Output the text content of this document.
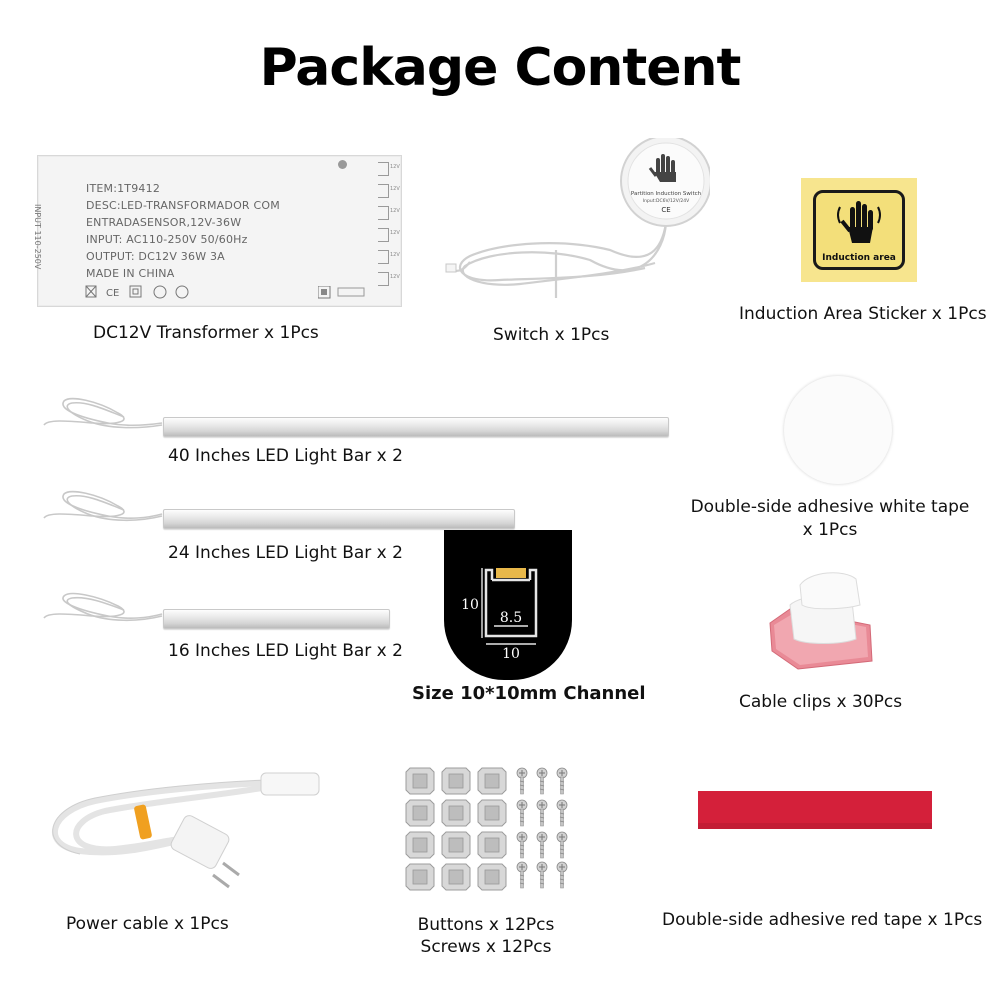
Package Content
ITEM:1T9412
DESC:LED-TRANSFORMADOR COM
ENTRADASENSOR,12V-36W
INPUT: AC110-250V 50/60Hz
OUTPUT: DC12V 36W 3A
MADE IN CHINA
INPUT 110-250V
12V
12V
12V
12V
12V
12V
CE
DC12V Transformer x 1Pcs
Partition Induction Switch
Input:DC6V/12V/24V
CE
Switch x 1Pcs
Induction area
Induction Area Sticker x 1Pcs
40 Inches LED Light Bar x 2
24 Inches LED Light Bar x 2
16 Inches LED Light Bar x 2
Double-side adhesive white tape
x 1Pcs
10
8.5
10
Size 10*10mm Channel	Cable clips x 30Pcs
Power cable x 1Pcs	Buttons x 12Pcs
Screws x 12Pcs
Double-side adhesive red tape x 1Pcs
